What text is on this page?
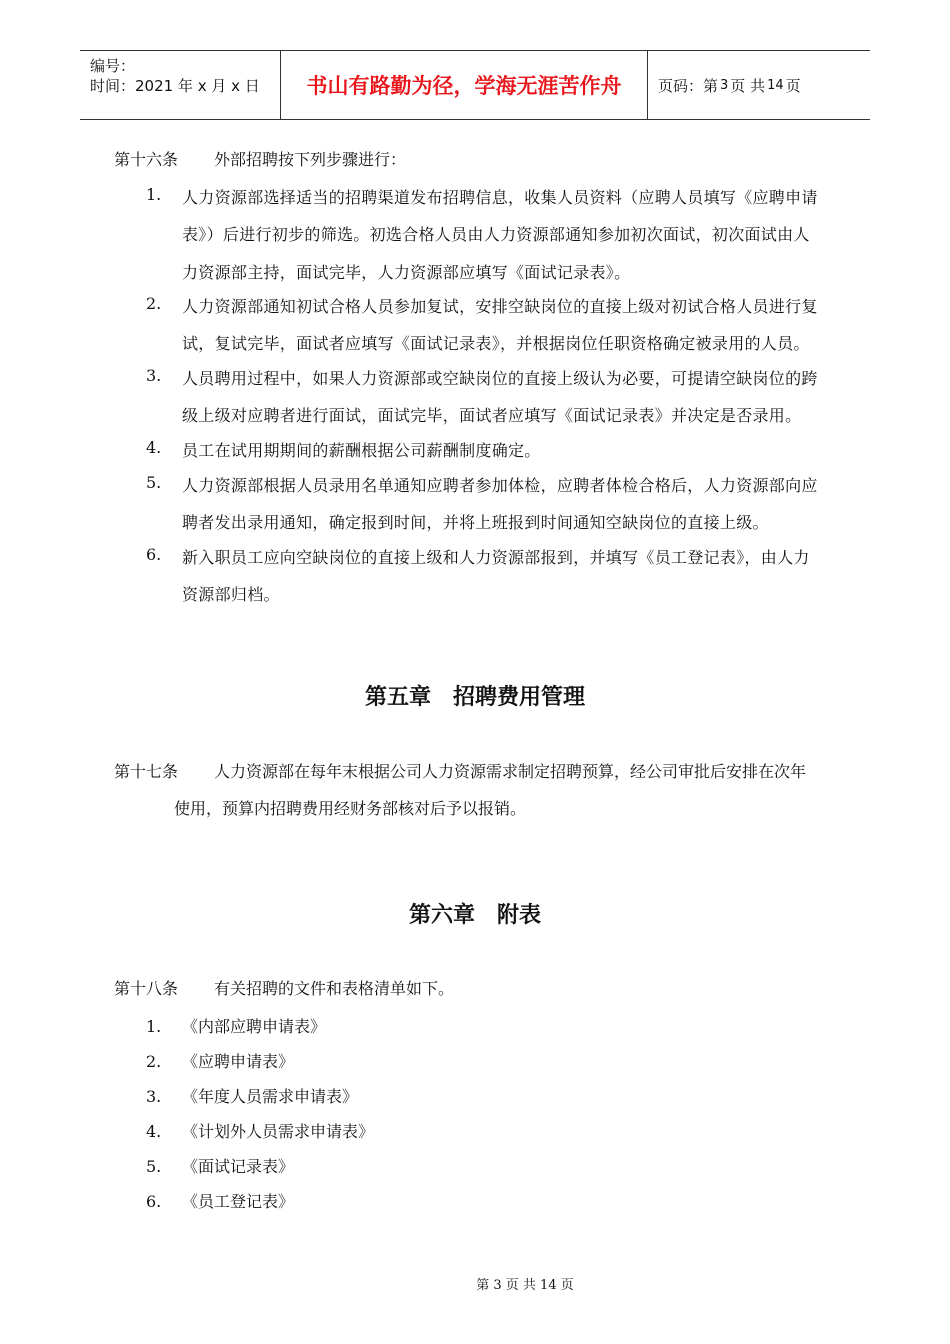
编号：
时间：2021 年 x 月 x 日	书山有路勤为径，学海无涯苦作舟	页码：第 3 页 共 14 页
第十六条 外部招聘按下列步骤进行：
1.	人力资源部选择适当的招聘渠道发布招聘信息，收集人员资料（应聘人员填写《应聘申请
表》）后进行初步的筛选。初选合格人员由人力资源部通知参加初次面试，初次面试由人
力资源部主持，面试完毕，人力资源部应填写《面试记录表》。
2.	人力资源部通知初试合格人员参加复试，安排空缺岗位的直接上级对初试合格人员进行复
试，复试完毕，面试者应填写《面试记录表》，并根据岗位任职资格确定被录用的人员。
3.	人员聘用过程中，如果人力资源部或空缺岗位的直接上级认为必要，可提请空缺岗位的跨
级上级对应聘者进行面试，面试完毕，面试者应填写《面试记录表》并决定是否录用。
4.	员工在试用期期间的薪酬根据公司薪酬制度确定。
5.	人力资源部根据人员录用名单通知应聘者参加体检，应聘者体检合格后，人力资源部向应
聘者发出录用通知，确定报到时间，并将上班报到时间通知空缺岗位的直接上级。
6.	新入职员工应向空缺岗位的直接上级和人力资源部报到，并填写《员工登记表》，由人力
资源部归档。
第五章　招聘费用管理
第十七条 人力资源部在每年末根据公司人力资源需求制定招聘预算，经公司审批后安排在次年
使用，预算内招聘费用经财务部核对后予以报销。
第六章　附表
第十八条 有关招聘的文件和表格清单如下。
1. 《内部应聘申请表》
2. 《应聘申请表》
3. 《年度人员需求申请表》
4. 《计划外人员需求申请表》
5. 《面试记录表》
6. 《员工登记表》
第 3 页 共 14 页
